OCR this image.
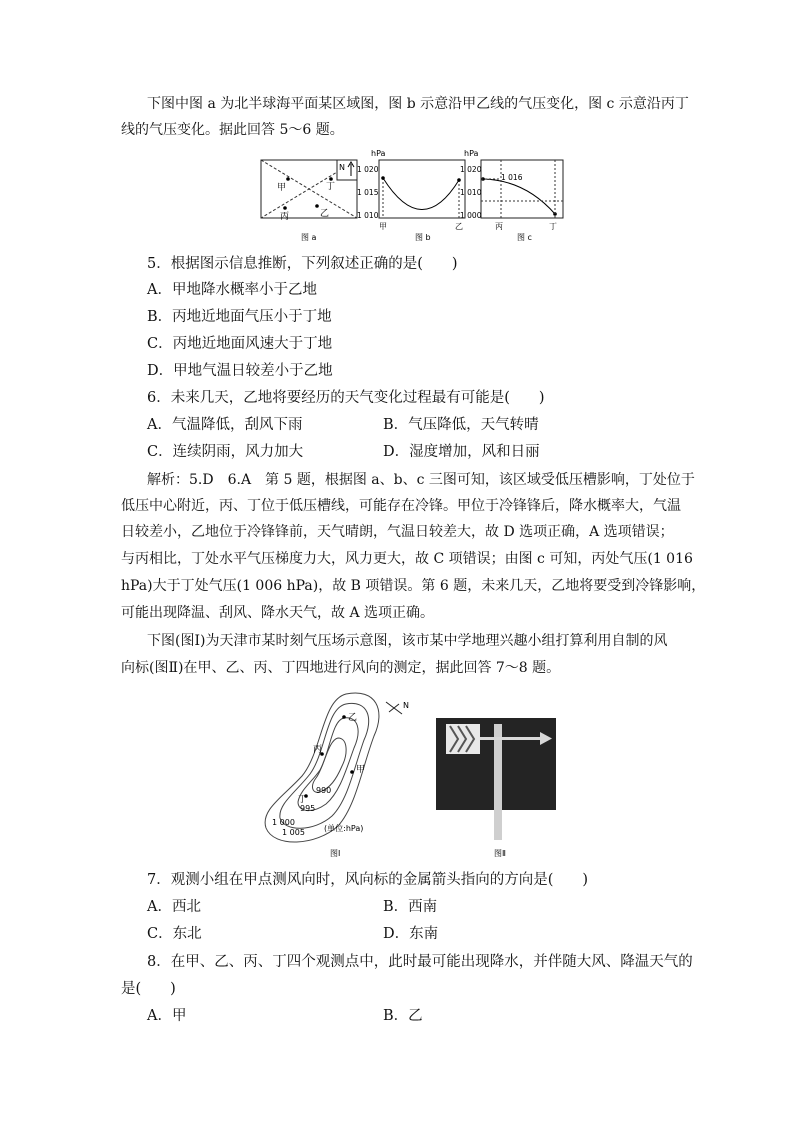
下图中图 a 为北半球海平面某区域图，图 b 示意沿甲乙线的气压变化，图 c 示意沿丙丁
线的气压变化。据此回答 5～6 题。
N
甲	丁
丙	乙
图 a
hPa
1 020
1 015
1 010
甲	乙
图 b
hPa
1 020
1 010
1 000
1 016
丙	丁
图 c
5．根据图示信息推断，下列叙述正确的是(　　)
A．甲地降水概率小于乙地
B．丙地近地面气压小于丁地
C．丙地近地面风速大于丁地
D．甲地气温日较差小于乙地
6．未来几天，乙地将要经历的天气变化过程最有可能是(　　)
A．气温降低，刮风下雨	B．气压降低，天气转晴
C．连续阴雨，风力加大	D．湿度增加，风和日丽
解析：5.D　6.A　第 5 题，根据图 a、b、c 三图可知，该区域受低压槽影响，丁处位于
低压中心附近，丙、丁位于低压槽线，可能存在冷锋。甲位于冷锋锋后，降水概率大，气温
日较差小，乙地位于冷锋锋前，天气晴朗，气温日较差大，故 D 选项正确，A 选项错误；
与丙相比，丁处水平气压梯度力大，风力更大，故 C 项错误；由图 c 可知，丙处气压(1 016
hPa)大于丁处气压(1 006 hPa)，故 B 项错误。第 6 题，未来几天，乙地将要受到冷锋影响，
可能出现降温、刮风、降水天气，故 A 选项正确。
下图(图Ⅰ)为天津市某时刻气压场示意图，该市某中学地理兴趣小组打算利用自制的风
向标(图Ⅱ)在甲、乙、丙、丁四地进行风向的测定，据此回答 7～8 题。
乙
丙
甲
丁
990
995
1 000
1 005 (单位:hPa)
N
图Ⅰ	图Ⅱ
7．观测小组在甲点测风向时，风向标的金属箭头指向的方向是(　　)
A．西北	B．西南
C．东北	D．东南
8．在甲、乙、丙、丁四个观测点中，此时最可能出现降水，并伴随大风、降温天气的
是(　　)
A．甲	B．乙
